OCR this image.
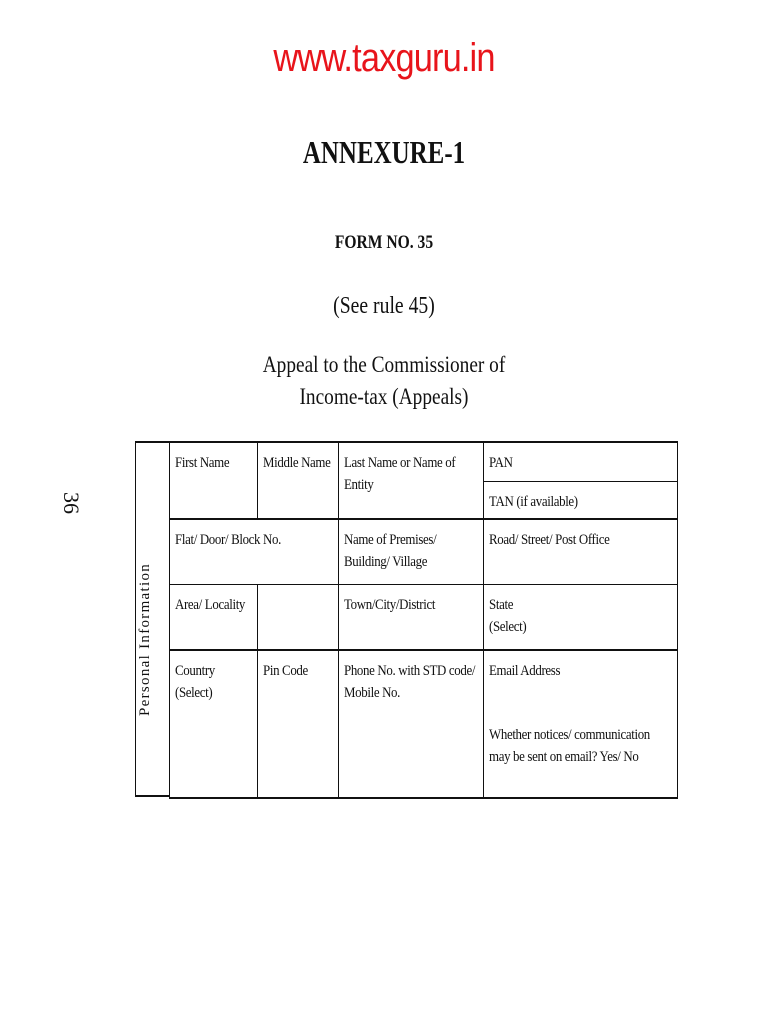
www.taxguru.in
ANNEXURE-1
FORM NO. 35
(See rule 45)
Appeal to the Commissioner of
Income-tax (Appeals)
36
Personal Information
First Name	Middle Name	Last Name or Name of Entity	PAN

			TAN (if available)

Flat/ Door/ Block No.		Name of Premises/ Building/ Village	Road/ Street/ Post Office

Area/ Locality		Town/City/District	State
(Select)

Country (Select)	Pin Code	Phone No. with STD code/ Mobile No.	Email Address
Whether notices/ communication may be sent on email? Yes/ No
